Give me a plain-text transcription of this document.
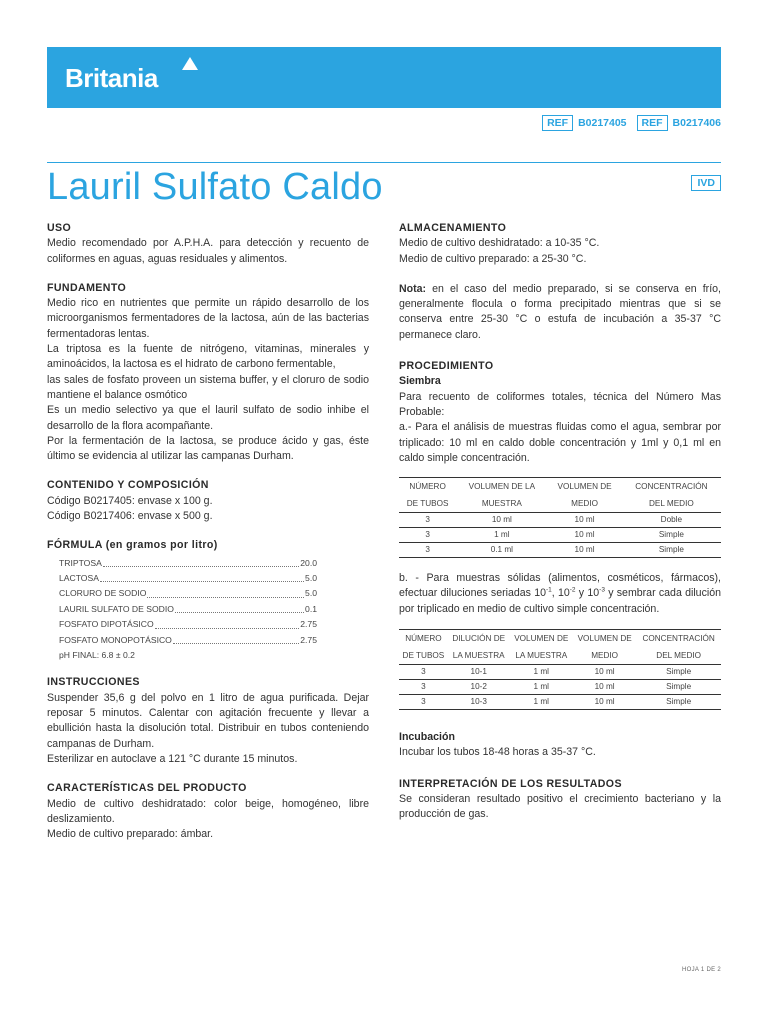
Britania
REF B0217405	REF B0217406
Lauril Sulfato Caldo	IVD
USO
Medio recomendado por A.P.H.A. para detección y recuento de coliformes en aguas, aguas residuales y alimentos.
FUNDAMENTO
Medio rico en nutrientes que permite un rápido desarrollo de los microorganismos fermentadores de la lactosa, aún de las bacterias fermentadoras lentas.
La triptosa es la fuente de nitrógeno, vitaminas, minerales y aminoácidos, la lactosa es el hidrato de carbono fermentable,
las sales de fosfato proveen un sistema buffer, y el cloruro de sodio mantiene el balance osmótico
Es un medio selectivo ya que el lauril sulfato de sodio inhibe el desarrollo de la flora acompañante.
Por la fermentación de la lactosa, se produce ácido y gas, éste último se evidencia al utilizar las campanas Durham.
CONTENIDO Y COMPOSICIÓN
Código B0217405: envase x 100 g.
Código B0217406: envase x 500 g.
FÓRMULA (en gramos por litro)
TRIPTOSA	20.0
LACTOSA	5.0
CLORURO DE SODIO	5.0
LAURIL SULFATO DE SODIO	0.1
FOSFATO DIPOTÁSICO	2.75
FOSFATO MONOPOTÁSICO	2.75
pH FINAL: 6.8 ± 0.2
INSTRUCCIONES
Suspender 35,6 g del polvo en 1 litro de agua purificada. Dejar reposar 5 minutos. Calentar con agitación frecuente y llevar a ebullición hasta la disolución total. Distribuir en tubos conteniendo campanas de Durham.
Esterilizar en autoclave a 121 °C durante 15 minutos.
CARACTERÍSTICAS DEL PRODUCTO
Medio de cultivo deshidratado: color beige, homogéneo, libre deslizamiento.
Medio de cultivo preparado: ámbar.
ALMACENAMIENTO
Medio de cultivo deshidratado: a 10-35 °C.
Medio de cultivo preparado: a 25-30 °C.
Nota: en el caso del medio preparado, si se conserva en frío, generalmente flocula o forma precipitado mientras que si se conserva entre 25-30 °C o estufa de incubación a 35-37 °C permanece claro.
PROCEDIMIENTO
Siembra
Para recuento de coliformes totales, técnica del Número Mas Probable:
a.- Para el análisis de muestras fluidas como el agua, sembrar por triplicado: 10 ml en caldo doble concentración y 1ml y 0,1 ml en caldo simple concentración.
NÚMERO	VOLUMEN DE LA	VOLUMEN DE	CONCENTRACIÓN
DE TUBOS	MUESTRA	MEDIO	DEL MEDIO
3	10 ml	10 ml	Doble
3	1 ml	10 ml	Simple
3	0.1 ml	10 ml	Simple
b. - Para muestras sólidas (alimentos, cosméticos, fármacos), efectuar diluciones seriadas $10^{-1}$, $10^{-2}$ y $10^{-3}$ y sembrar cada dilución por triplicado en medio de cultivo simple concentración.
NÚMERO	DILUCIÓN DE	VOLUMEN DE	VOLUMEN DE	CONCENTRACIÓN
DE TUBOS	LA MUESTRA	LA MUESTRA	MEDIO	DEL MEDIO
3	10-1	1 ml	10 ml	Simple
3	10-2	1 ml	10 ml	Simple
3	10-3	1 ml	10 ml	Simple
Incubación
Incubar los tubos 18-48 horas a 35-37 °C.
INTERPRETACIÓN DE LOS RESULTADOS
Se consideran resultado positivo el crecimiento bacteriano y la producción de gas.
HOJA 1 DE 2
